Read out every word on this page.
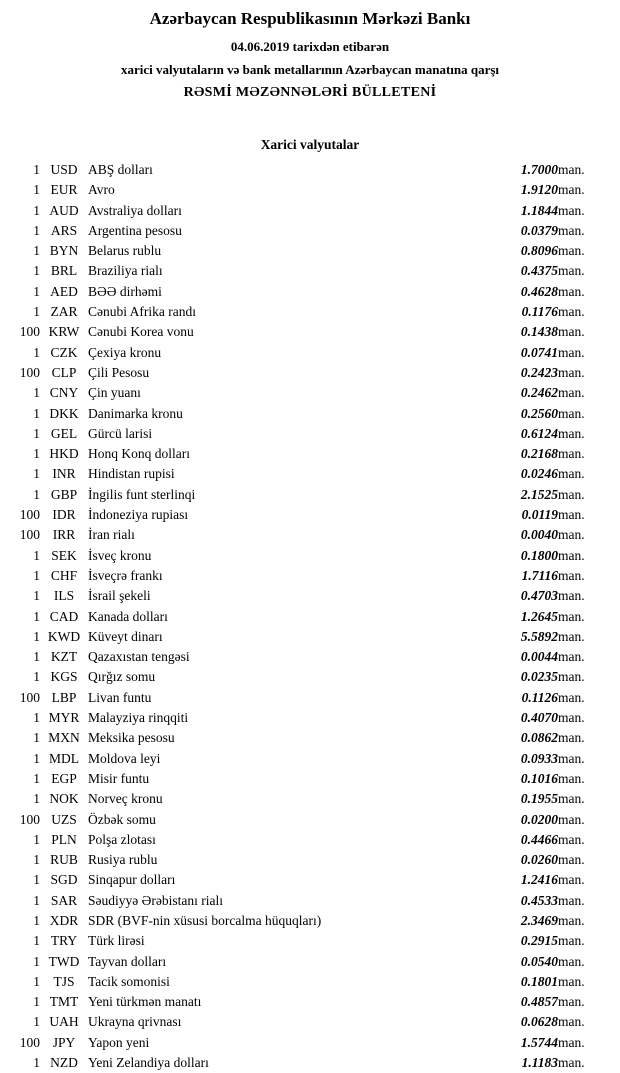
Azərbaycan Respublikasının Mərkəzi Bankı
04.06.2019 tarixdən etibarən
xarici valyutaların və bank metallarının Azərbaycan manatına qarşı
RƏSMİ MƏZƏNNƏLƏRİ BÜLLETENİ
Xarici valyutalar
1	USD	ABŞ dolları	1.7000	man.
1	EUR	Avro	1.9120	man.
1	AUD	Avstraliya dolları	1.1844	man.
1	ARS	Argentina pesosu	0.0379	man.
1	BYN	Belarus rublu	0.8096	man.
1	BRL	Braziliya rialı	0.4375	man.
1	AED	BƏƏ dirhəmi	0.4628	man.
1	ZAR	Cənubi Afrika randı	0.1176	man.
100	KRW	Cənubi Korea vonu	0.1438	man.
1	CZK	Çexiya kronu	0.0741	man.
100	CLP	Çili Pesosu	0.2423	man.
1	CNY	Çin yuanı	0.2462	man.
1	DKK	Danimarka kronu	0.2560	man.
1	GEL	Gürcü larisi	0.6124	man.
1	HKD	Honq Konq dolları	0.2168	man.
1	INR	Hindistan rupisi	0.0246	man.
1	GBP	İngilis funt sterlinqi	2.1525	man.
100	IDR	İndoneziya rupiası	0.0119	man.
100	IRR	İran rialı	0.0040	man.
1	SEK	İsveç kronu	0.1800	man.
1	CHF	İsveçrə frankı	1.7116	man.
1	ILS	İsrail şekeli	0.4703	man.
1	CAD	Kanada dolları	1.2645	man.
1	KWD	Küveyt dinarı	5.5892	man.
1	KZT	Qazaxıstan tengəsi	0.0044	man.
1	KGS	Qırğız somu	0.0235	man.
100	LBP	Livan funtu	0.1126	man.
1	MYR	Malayziya rinqqiti	0.4070	man.
1	MXN	Meksika pesosu	0.0862	man.
1	MDL	Moldova leyi	0.0933	man.
1	EGP	Misir funtu	0.1016	man.
1	NOK	Norveç kronu	0.1955	man.
100	UZS	Özbək somu	0.0200	man.
1	PLN	Polşa zlotası	0.4466	man.
1	RUB	Rusiya rublu	0.0260	man.
1	SGD	Sinqapur dolları	1.2416	man.
1	SAR	Səudiyyə Ərəbistanı rialı	0.4533	man.
1	XDR	SDR (BVF-nin xüsusi borcalma hüquqları)	2.3469	man.
1	TRY	Türk lirəsi	0.2915	man.
1	TWD	Tayvan dolları	0.0540	man.
1	TJS	Tacik somonisi	0.1801	man.
1	TMT	Yeni türkmən manatı	0.4857	man.
1	UAH	Ukrayna qrivnası	0.0628	man.
100	JPY	Yapon yeni	1.5744	man.
1	NZD	Yeni Zelandiya dolları	1.1183	man.
